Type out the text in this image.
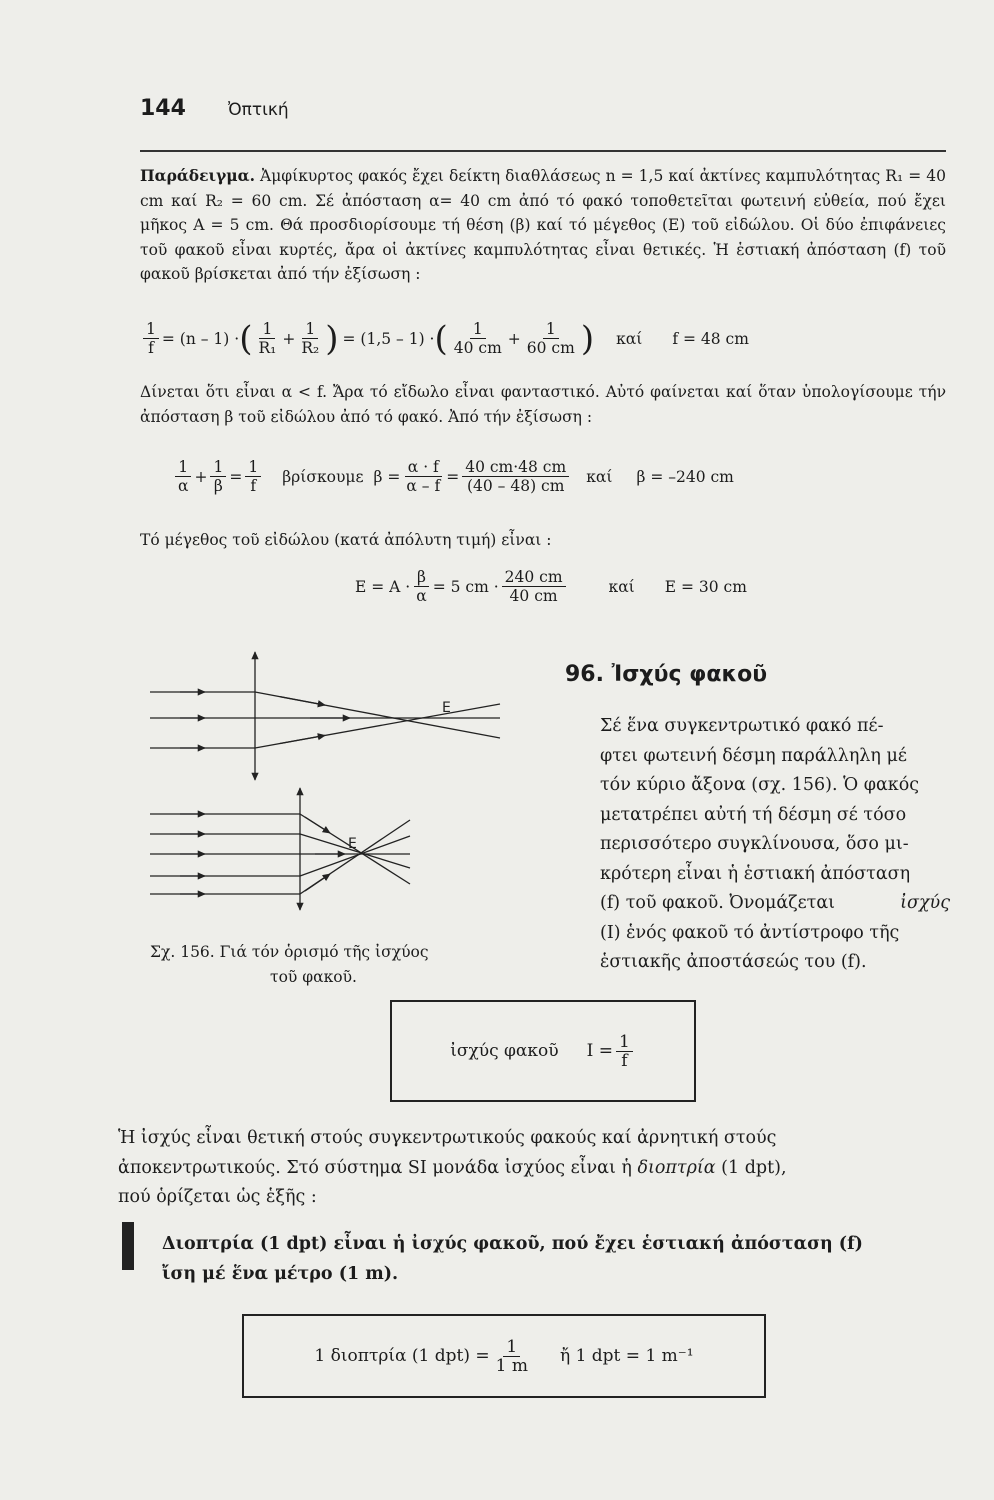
144 Ὀπτική
Παράδειγμα. Ἀμφίκυρτος φακός ἔχει δείκτη διαθλάσεως n = 1,5 καί ἀκτίνες καμπυλότητας R₁ = 40 cm καί R₂ = 60 cm. Σέ ἀπόσταση α= 40 cm ἀπό τό φακό τοποθετεῖται φωτεινή εὐθεία, πού ἔχει μῆκος A = 5 cm. Θά προσδιορίσουμε τή θέση (β) καί τό μέγεθος (E) τοῦ εἰδώλου. Οἱ δύο ἐπιφάνειες τοῦ φακοῦ εἶναι κυρτές, ἄρα οἱ ἀκτίνες καμπυλότητας εἶναι θετικές. Ἡ ἑστιακή ἀπόσταση (f) τοῦ φακοῦ βρίσκεται ἀπό τήν ἐξίσωση :
$\frac{1}{f} = (n - 1)$ · ( $\frac{1}{\text{R₁}} + \frac{1}{\text{R₂}}$ ) = (1,5 – 1) · ( $\frac{1}{40 cm} + \frac{1}{60 cm}$ ) καί f = 48 cm
Δίνεται ὅτι εἶναι α < f. Ἄρα τό εἴδωλο εἶναι φανταστικό. Αὐτό φαίνεται καί ὅταν ὑπολογίσουμε τήν ἀπόσταση β τοῦ εἰδώλου ἀπό τό φακό. Ἀπό τήν ἐξίσωση :
$\frac{1}{\alpha} + \frac{1}{\beta} = \frac{1}{f}$ βρίσκουμε $\beta = \frac{\alpha \cdot f}{\alpha - f} = \frac{40 cm\cdot 48 cm}{(40 - 48) cm}$ καί β = –240 cm
Τό μέγεθος τοῦ εἰδώλου (κατά ἀπόλυτη τιμή) εἶναι :
$E = A \cdot \frac{\beta}{\alpha} = 5$ cm · $\frac{240 cm}{40 cm}$	καί E = 30 cm
E
E
Σχ. 156. Γιά τόν ὁρισμό τῆς ἰσχύος
τοῦ φακοῦ.
96. Ἰσχύς φακοῦ
Σέ ἕνα συγκεντρωτικό φακό πέ-
φτει φωτεινή δέσμη παράλληλη μέ
τόν κύριο ἄξονα (σχ. 156). Ὁ φακός
μετατρέπει αὐτή τή δέσμη σέ τόσο
περισσότερο συγκλίνουσα, ὅσο μι-
κρότερη εἶναι ἡ ἑστιακή ἀπόσταση
(f) τοῦ φακοῦ. Ὀνομάζεται	ἰσχύς
(I) ἑνός φακοῦ τό ἀντίστροφο τῆς
ἑστιακῆς ἀποστάσεώς του (f).
ἰσχύς φακοῦ $I = \frac{1}{f}$
Ἡ ἰσχύς εἶναι θετική στούς συγκεντρωτικούς φακούς καί ἀρνητική στούς
ἀποκεντρωτικούς. Στό σύστημα SI μονάδα ἰσχύος εἶναι ἡ διοπτρία (1 dpt),
πού ὁρίζεται ὡς ἑξῆς :
Διοπτρία (1 dpt) εἶναι ἡ ἰσχύς φακοῦ, πού ἔχει ἑστιακή ἀπόσταση (f)
ἴση μέ ἕνα μέτρο (1 m).
1 διοπτρία (1 $dpt) = \frac{1}{1 m}$ ἤ 1 dpt = 1 m⁻¹
